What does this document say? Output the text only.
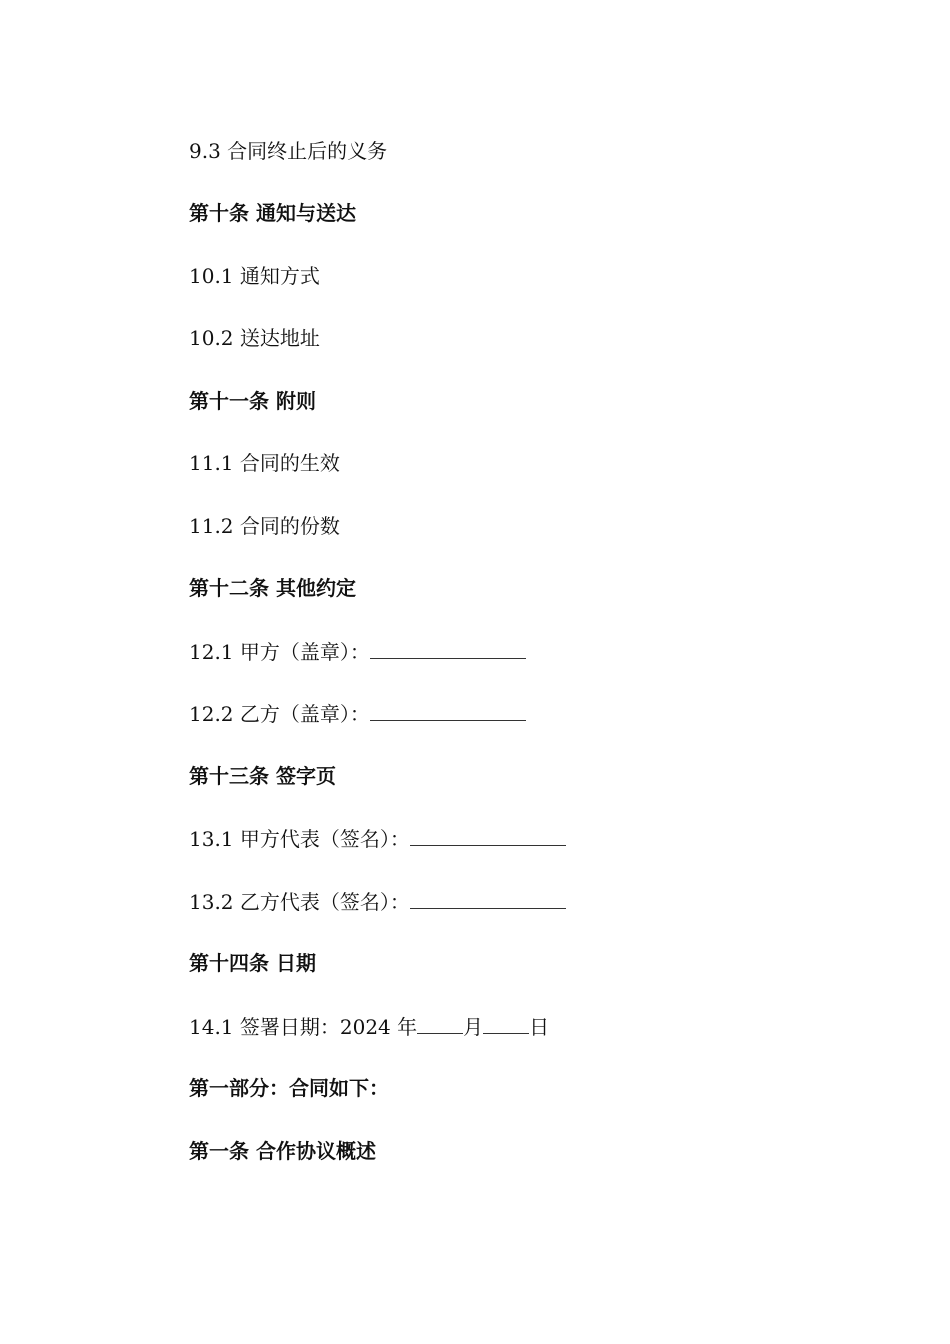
9.3 合同终止后的义务
第十条 通知与送达
10.1 通知方式
10.2 送达地址
第十一条 附则
11.1 合同的生效
11.2 合同的份数
第十二条 其他约定
12.1 甲方（盖章）：
12.2 乙方（盖章）：
第十三条 签字页
13.1 甲方代表（签名）：
13.2 乙方代表（签名）：
第十四条 日期
14.1 签署日期：2024 年 月 日
第一部分：合同如下：
第一条 合作协议概述
